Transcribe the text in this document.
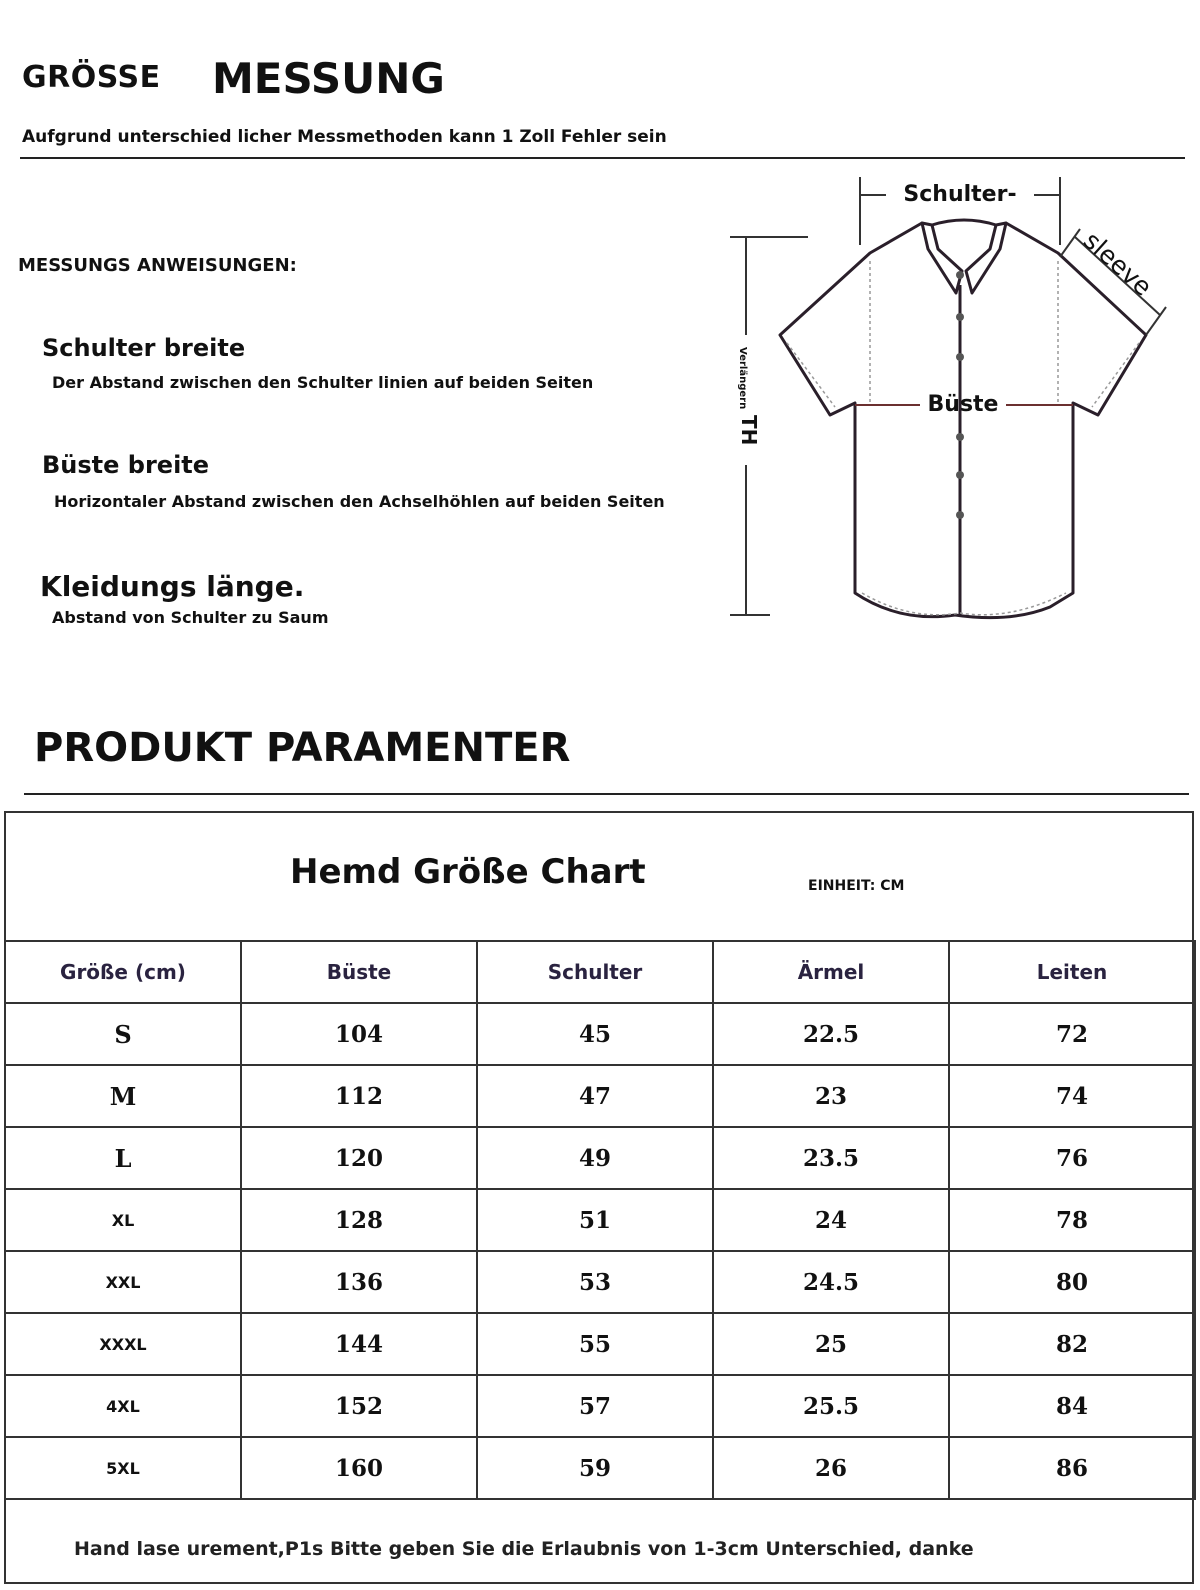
GRÖSSE MESSUNG
Aufgrund unterschied licher Messmethoden kann 1 Zoll Fehler sein
MESSUNGS ANWEISUNGEN:
Schulter breite
Der Abstand zwischen den Schulter linien auf beiden Seiten
Büste breite
Horizontaler Abstand zwischen den Achselhöhlen auf beiden Seiten
Kleidungs länge.
Abstand von Schulter zu Saum
Schulter-
sleeve
Büste
Verlängern
TH
PRODUKT PARAMENTER
Hemd Größe Chart	EINHEIT: CM
Größe (cm)	Büste	Schulter	Ärmel	Leiten
S	104	45	22.5	72
M	112	47	23	74
L	120	49	23.5	76
XL	128	51	24	78
XXL	136	53	24.5	80
XXXL	144	55	25	82
4XL	152	57	25.5	84
5XL	160	59	26	86
Hand lase urement,P1s Bitte geben Sie die Erlaubnis von 1-3cm Unterschied, danke
